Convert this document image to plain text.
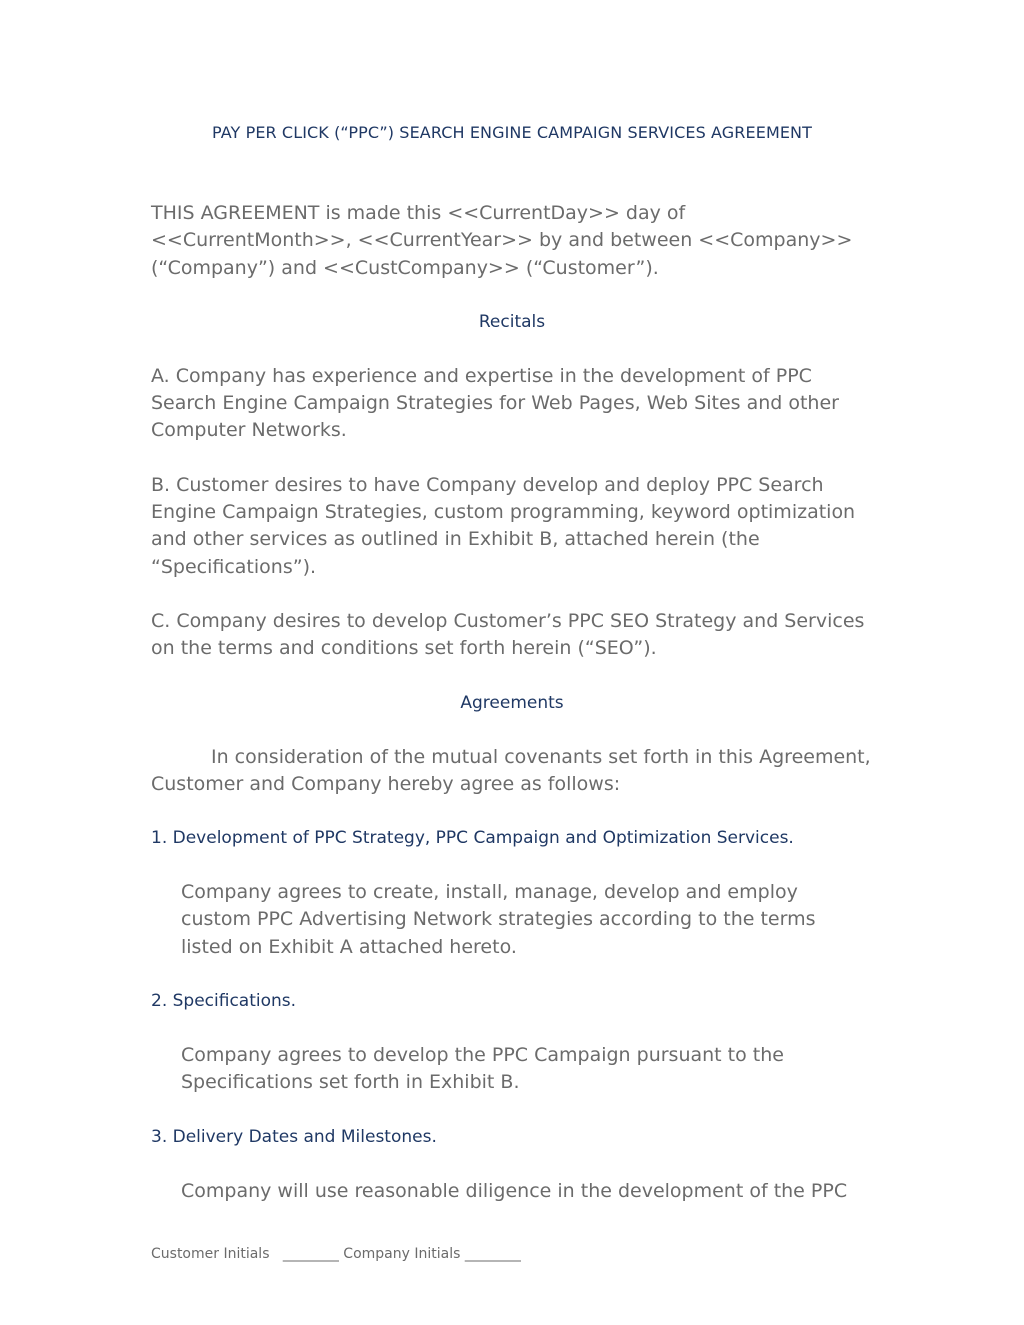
PAY PER CLICK (“PPC”) SEARCH ENGINE CAMPAIGN SERVICES AGREEMENT

THIS AGREEMENT is made this <<CurrentDay>> day of <<CurrentMonth>>, <<CurrentYear>> by and between <<Company>> (“Company”) and <<CustCompany>> (“Customer”).

Recitals

A. Company has experience and expertise in the development of PPC Search Engine Campaign Strategies for Web Pages, Web Sites and other Computer Networks.

B. Customer desires to have Company develop and deploy PPC Search Engine Campaign Strategies, custom programming, keyword optimization and other services as outlined in Exhibit B, attached herein (the “Specifications”).

C. Company desires to develop Customer’s PPC SEO Strategy and Services on the terms and conditions set forth herein (“SEO”).

Agreements

In consideration of the mutual covenants set forth in this Agreement, Customer and Company hereby agree as follows:

1. Development of PPC Strategy, PPC Campaign and Optimization Services.

Company agrees to create, install, manage, develop and employ custom PPC Advertising Network strategies according to the terms listed on Exhibit A attached hereto.

2. Specifications.

Company agrees to develop the PPC Campaign pursuant to the Specifications set forth in Exhibit B.

3. Delivery Dates and Milestones.

Company will use reasonable diligence in the development of the PPC

Customer Initials   ________ Company Initials ________
